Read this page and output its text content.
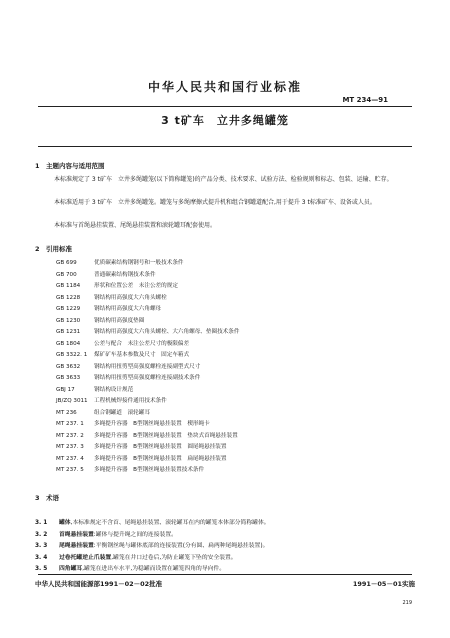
中华人民共和国行业标准
MT 234—91
3 t矿车　立井多绳罐笼
1　主题内容与适用范围
本标准规定了 3 t矿车　立井多绳罐笼(以下简称罐笼)的产品分类、技术要求、试验方法、检验规则和标志、包装、运输、贮存。
本标准适用于 3 t矿车　立井多绳罐笼。罐笼与多绳摩擦式提升机和组合钢罐道配合,用于提升 3 t标准矿车、设备或人员。
本标准与首绳悬挂装置、尾绳悬挂装置和滚轮罐耳配套使用。
2　引用标准
GB 699	优质碳素结构钢钢号和一般技术条件
GB 700	普通碳素结构钢技术条件
GB 1184 形状和位置公差　未注公差的规定
GB 1228 钢结构用高强度大六角头螺栓
GB 1229 钢结构用高强度大六角螺母
GB 1230 钢结构用高强度垫圈
GB 1231 钢结构用高强度大六角头螺栓、大六角螺母、垫圈技术条件
GB 1804 公差与配合　未注公差尺寸的极限偏差
GB 3322. 1 煤矿矿车基本参数及尺寸　固定车箱式
GB 3632 钢结构用扭剪型高强度螺栓连接副型式尺寸
GB 3633 钢结构用扭剪型高强度螺栓连接副技术条件
GBJ 17	钢结构设计规范
JB/ZQ 3011 工程机械焊接件通用技术条件
MT 236	组合钢罐道　滚轮罐耳
MT 237. 1 多绳提升容器　B型钢丝绳悬挂装置　楔形绳卡
MT 237. 2 多绳提升容器　B型钢丝绳悬挂装置　垫块式首绳悬挂装置
MT 237. 3 多绳提升容器　B型钢丝绳悬挂装置　圆尾绳悬挂装置
MT 237. 4 多绳提升容器　B型钢丝绳悬挂装置　扁尾绳悬挂装置
MT 237. 5 多绳提升容器　B型钢丝绳悬挂装置技术条件
3　术语
3. 1 罐体,本标准规定不含首、尾绳悬挂装置、滚轮罐耳在内的罐笼本体部分简称罐体。
3. 2 首绳悬挂装置:罐体与提升绳之间的连接装置。
3. 3 尾绳悬挂装置:平衡钢丝绳与罐体底部的连接装置(分有圆、扁两种尾绳悬挂装置)。
3. 4 过卷托罐逆止爪装置,罐笼在井口过卷后,为防止罐笼下坠的安全装置。
3. 5 四角罐耳,罐笼在进出车水平,为稳罐而设置在罐笼四角的导向件。
中华人民共和国能源部1991－02－02批准	1991－05－01实施
219
